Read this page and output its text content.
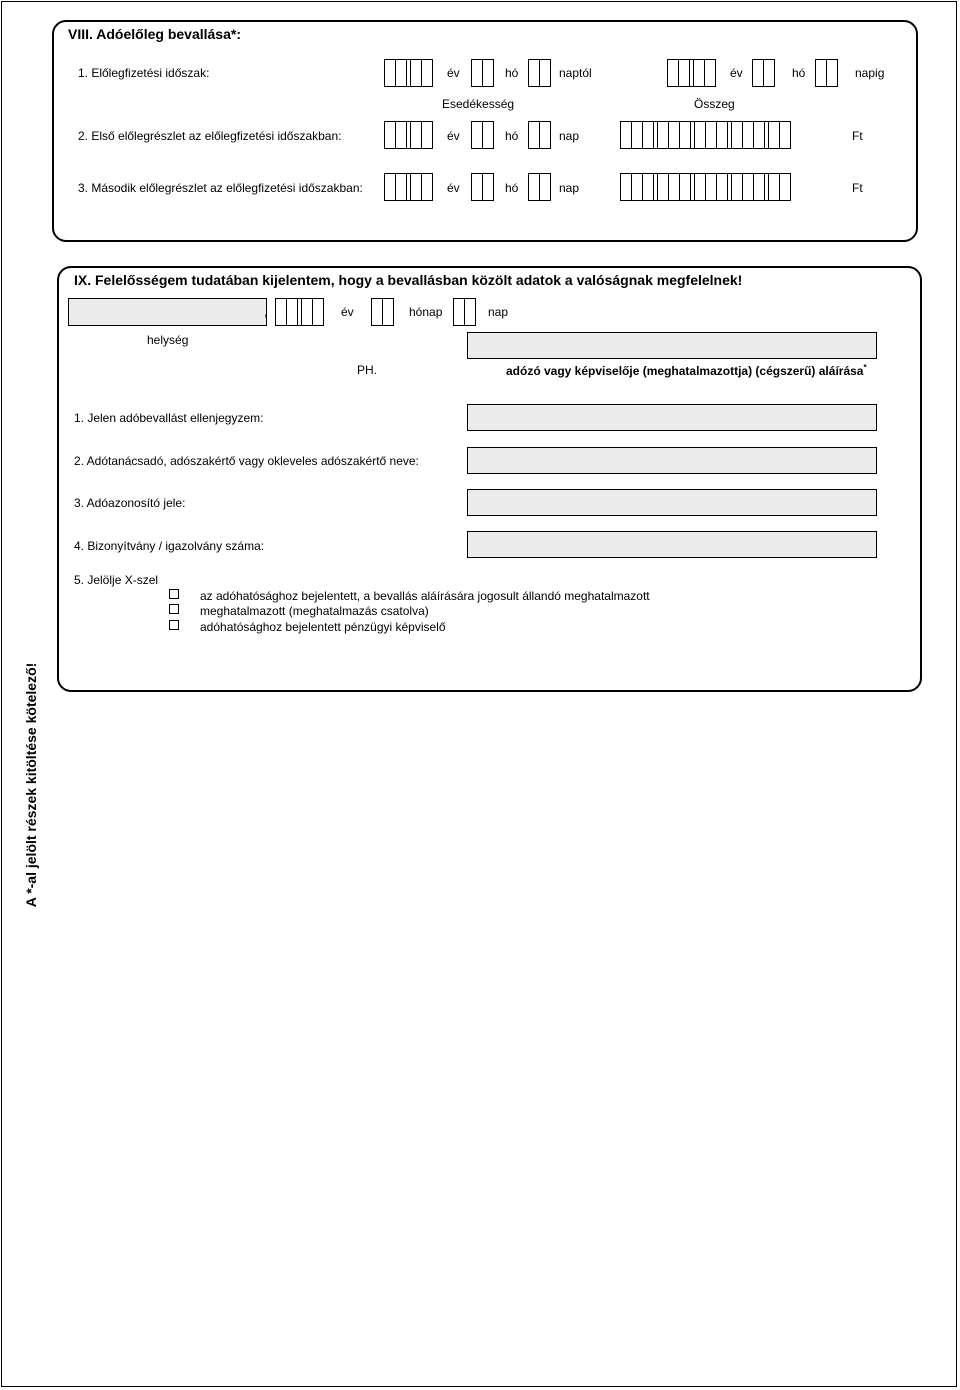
VIII. Adóelőleg bevallása*:
1. Előlegfizetési időszak:	év	hó	naptól	év	hó	napig
Esedékesség	Összeg
2. Első előlegrészlet az előlegfizetési időszakban:	év	hó	nap	Ft
3. Második előlegrészlet az előlegfizetési időszakban:	év	hó	nap	Ft
IX. Felelősségem tudatában kijelentem, hogy a bevallásban közölt adatok a valóságnak megfelelnek!
,	év	hónap	nap
helység
PH.	adózó vagy képviselője (meghatalmazottja) (cégszerű) aláírása*
1. Jelen adóbevallást ellenjegyzem:
2. Adótanácsadó, adószakértő vagy okleveles adószakértő neve:
3. Adóazonosító jele:
4. Bizonyítvány / igazolvány száma:
5. Jelölje X-szel
az adóhatósághoz bejelentett, a bevallás aláírására jogosult állandó meghatalmazott
meghatalmazott (meghatalmazás csatolva)
adóhatósághoz bejelentett pénzügyi képviselő
A *-al jelölt részek kitöltése kötelező!
